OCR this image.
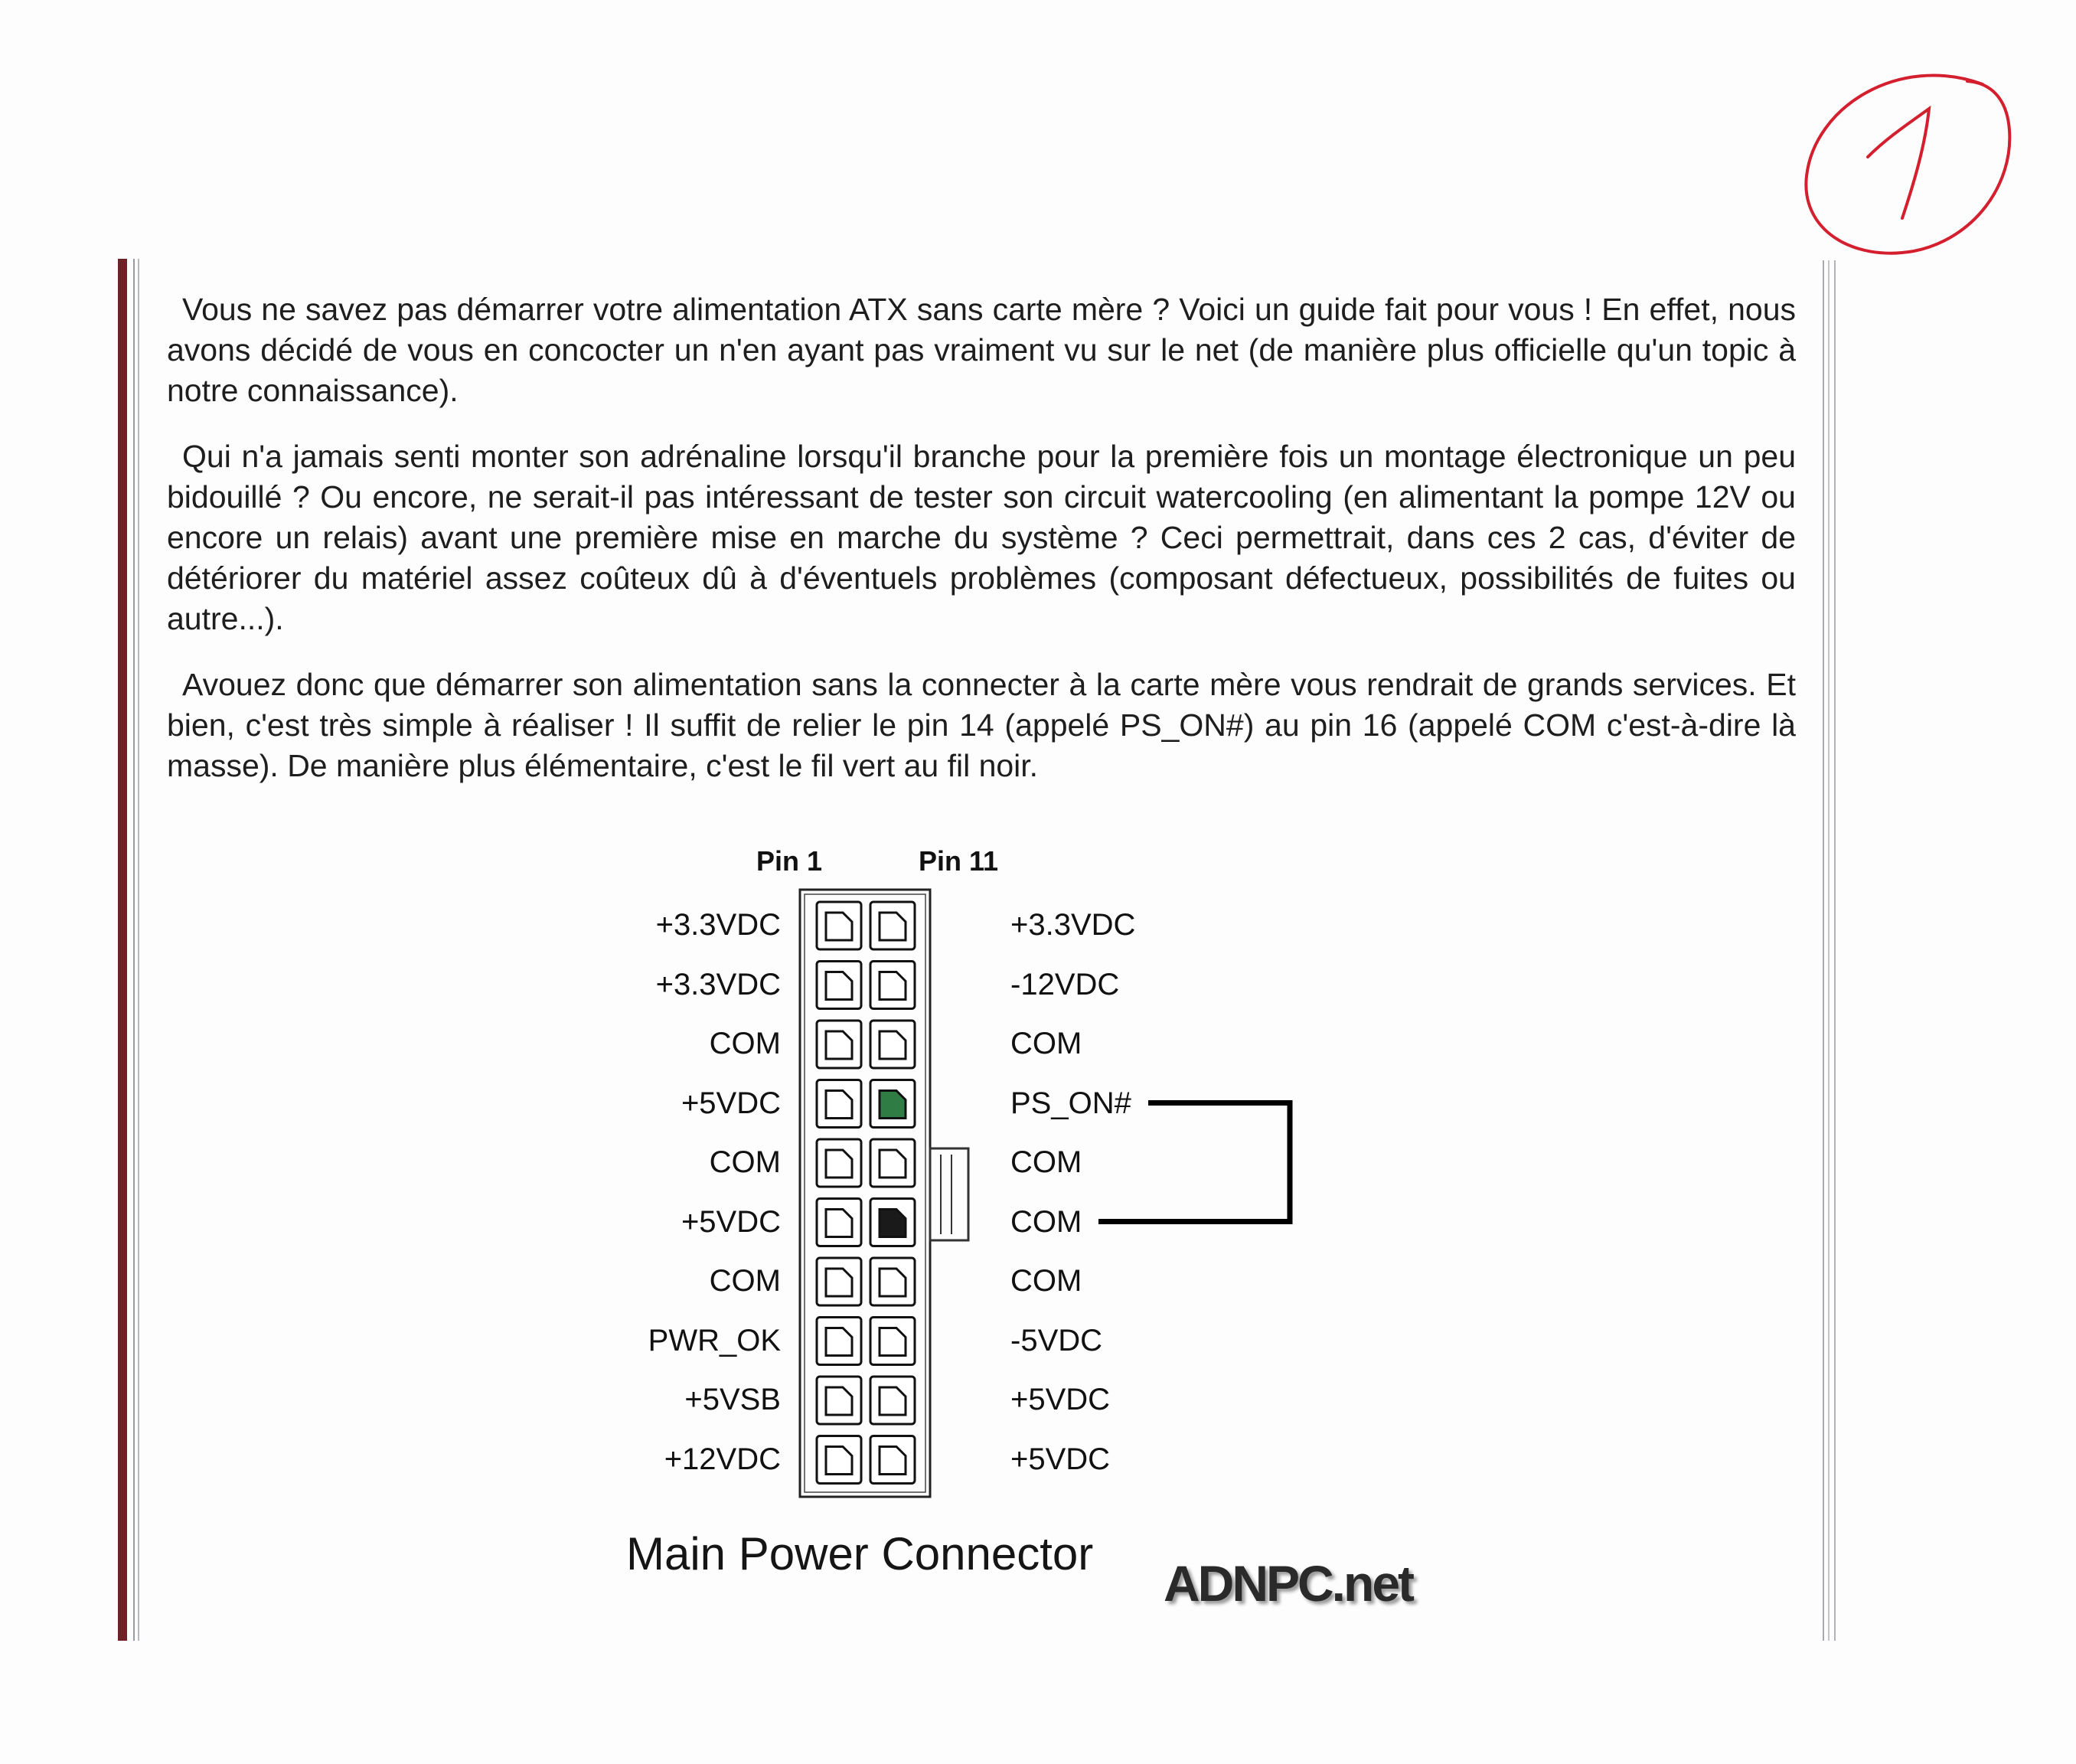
1

Vous ne savez pas démarrer votre alimentation ATX sans carte mère ? Voici un guide fait pour vous ! En effet, nous avons décidé de vous en concocter un n'en ayant pas vraiment vu sur le net (de manière plus officielle qu'un topic à notre connaissance).

Qui n'a jamais senti monter son adrénaline lorsqu'il branche pour la première fois un montage électronique un peu bidouillé ? Ou encore, ne serait-il pas intéressant de tester son circuit watercooling (en alimentant la pompe 12V ou encore un relais) avant une première mise en marche du système ? Ceci permettrait, dans ces 2 cas, d'éviter de détériorer du matériel assez coûteux dû à d'éventuels problèmes (composant défectueux, possibilités de fuites ou autre...).

Avouez donc que démarrer son alimentation sans la connecter à la carte mère vous rendrait de grands services. Et bien, c'est très simple à réaliser ! Il suffit de relier le pin 14 (appelé PS_ON#) au pin 16 (appelé COM c'est-à-dire là masse). De manière plus élémentaire, c'est le fil vert au fil noir.

Pin 1	Pin 11
+3.3VDC
+3.3VDC
COM
+5VDC
COM
+5VDC
COM
PWR_OK
+5VSB
+12VDC
+3.3VDC
-12VDC
COM
PS_ON#
COM
COM
COM
-5VDC
+5VDC
+5VDC
Main Power Connector
ADNPC.net
